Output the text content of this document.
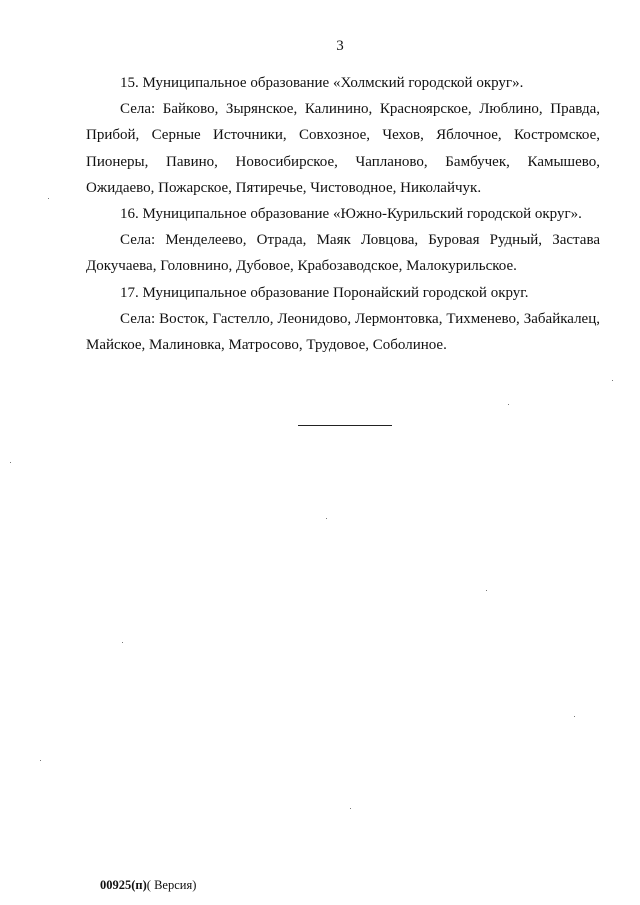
3

15. Муниципальное образование «Холмский городской округ».

Села: Байково, Зырянское, Калинино, Красноярское, Люблино, Правда, Прибой, Серные Источники, Совхозное, Чехов, Яблочное, Костромское, Пионеры, Павино, Новосибирское, Чапланово, Бамбучек, Камышево, Ожидаево, Пожарское, Пятиречье, Чистоводное, Николайчук.

16. Муниципальное образование «Южно-Курильский городской округ».

Села: Менделеево, Отрада, Маяк Ловцова, Буровая Рудный, Застава Докучаева, Головнино, Дубовое, Крабозаводское, Малокурильское.

17. Муниципальное образование Поронайский городской округ.

Села: Восток, Гастелло, Леонидово, Лермонтовка, Тихменево, Забайкалец, Майское, Малиновка, Матросово, Трудовое, Соболиное.

00925(п)( Версия)
